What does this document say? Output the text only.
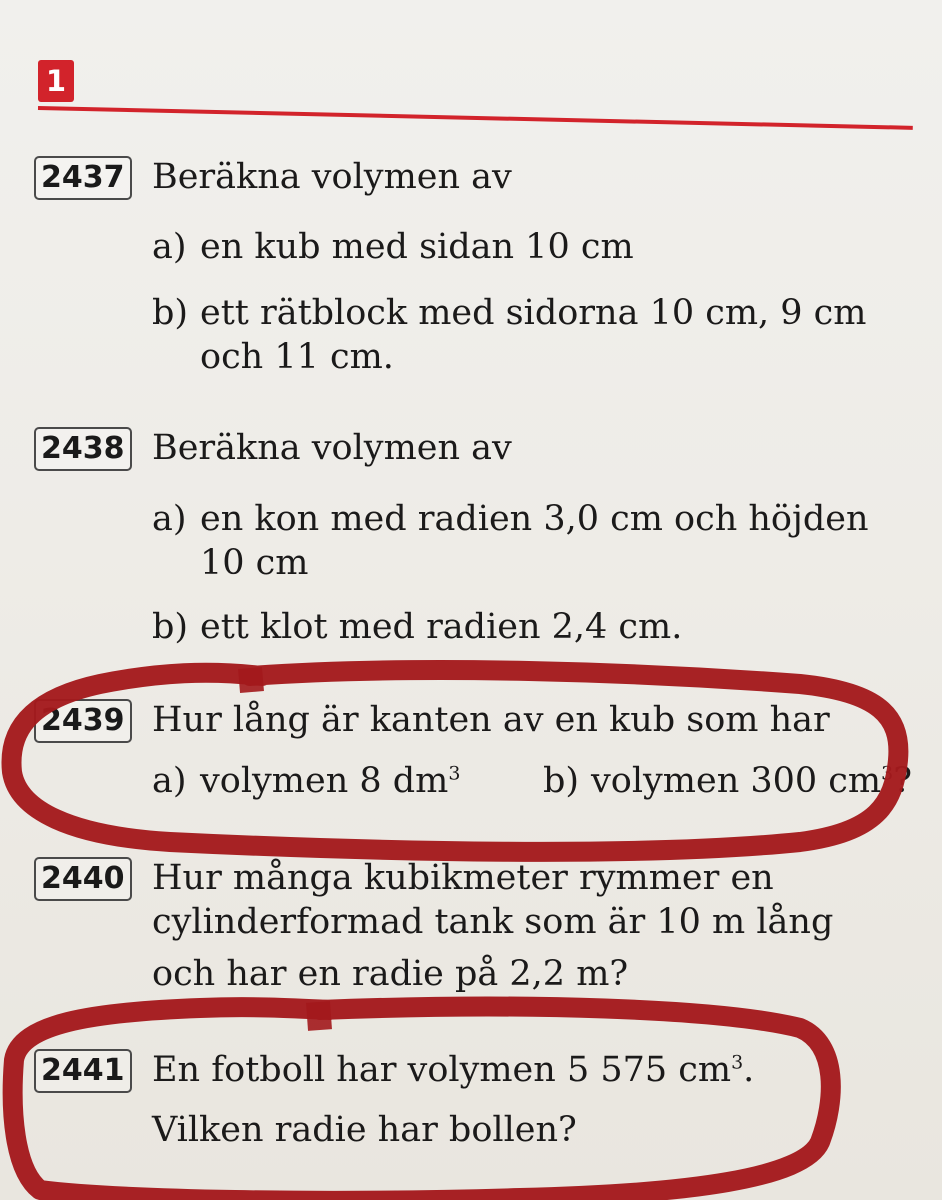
1
2437 Beräkna volymen av
a) en kub med sidan 10 cm
b) ett rätblock med sidorna 10 cm, 9 cm
och 11 cm.
2438 Beräkna volymen av
a) en kon med radien 3,0 cm och höjden
10 cm
b) ett klot med radien 2,4 cm.
2439 Hur lång är kanten av en kub som har
a) volymen 8 $dm^3$ b) volymen 300 $cm^3$?
2440 Hur många kubikmeter rymmer en
cylinderformad tank som är 10 m lång
och har en radie på 2,2 m?
2441 En fotboll har volymen 5 575 $cm^3$.
Vilken radie har bollen?
